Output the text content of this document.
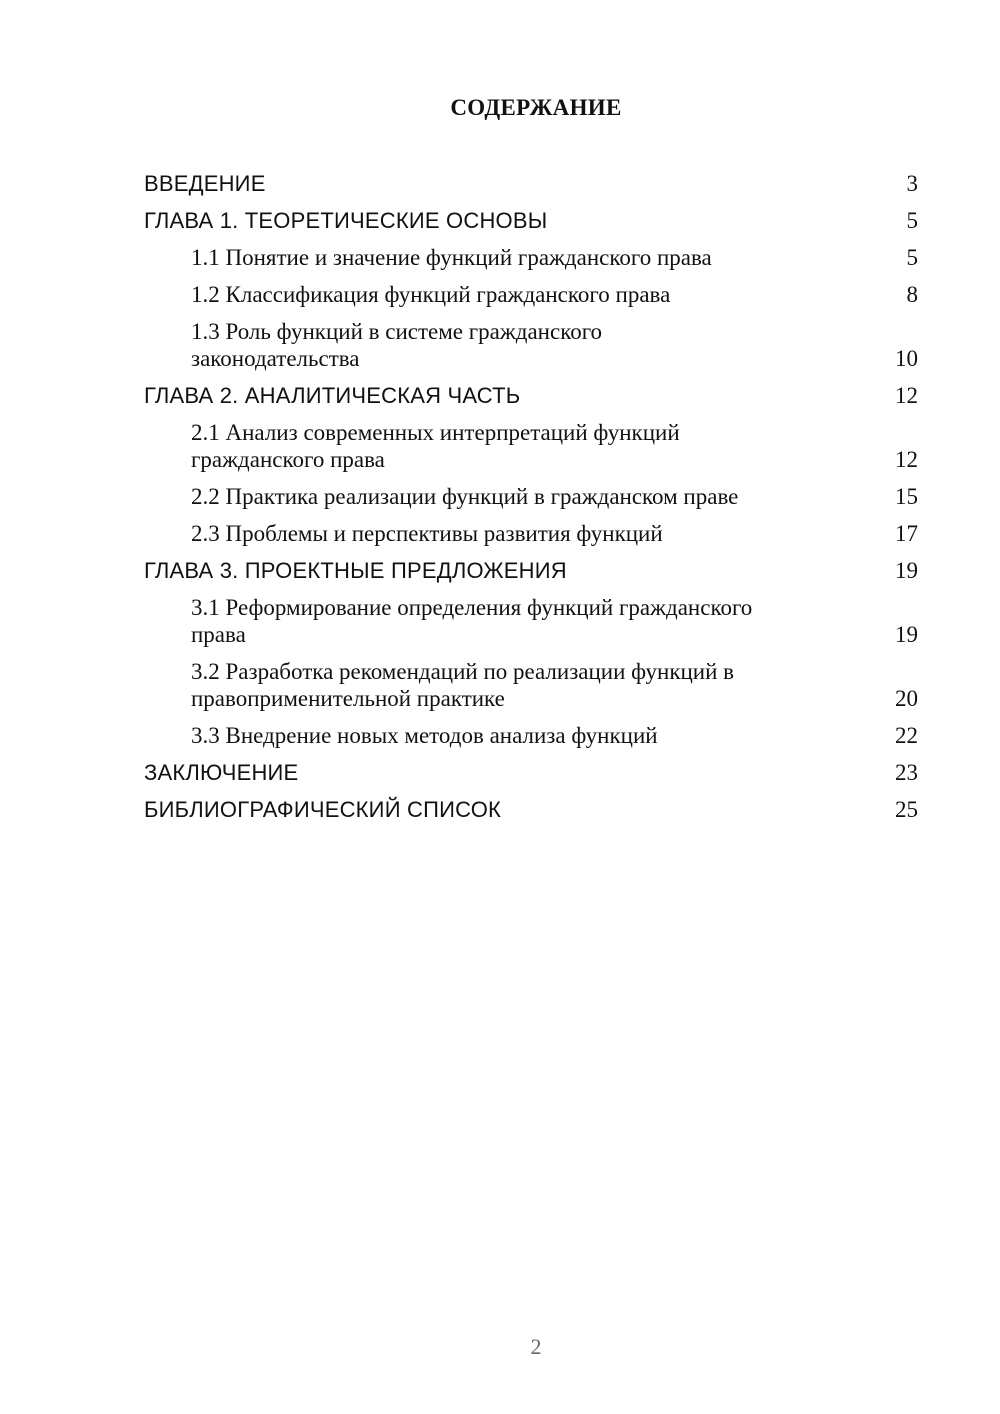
СОДЕРЖАНИЕ
ВВЕДЕНИЕ	3
ГЛАВА 1. ТЕОРЕТИЧЕСКИЕ ОСНОВЫ	5
1.1 Понятие и значение функций гражданского права	5
1.2 Классификация функций гражданского права	8
1.3 Роль функций в системе гражданского законодательства	10
ГЛАВА 2. АНАЛИТИЧЕСКАЯ ЧАСТЬ	12
2.1 Анализ современных интерпретаций функций гражданского права	12
2.2 Практика реализации функций в гражданском праве	15
2.3 Проблемы и перспективы развития функций	17
ГЛАВА 3. ПРОЕКТНЫЕ ПРЕДЛОЖЕНИЯ	19
3.1 Реформирование определения функций гражданского права	19
3.2 Разработка рекомендаций по реализации функций в правоприменительной практике	20
3.3 Внедрение новых методов анализа функций	22
ЗАКЛЮЧЕНИЕ	23
БИБЛИОГРАФИЧЕСКИЙ СПИСОК	25
2
